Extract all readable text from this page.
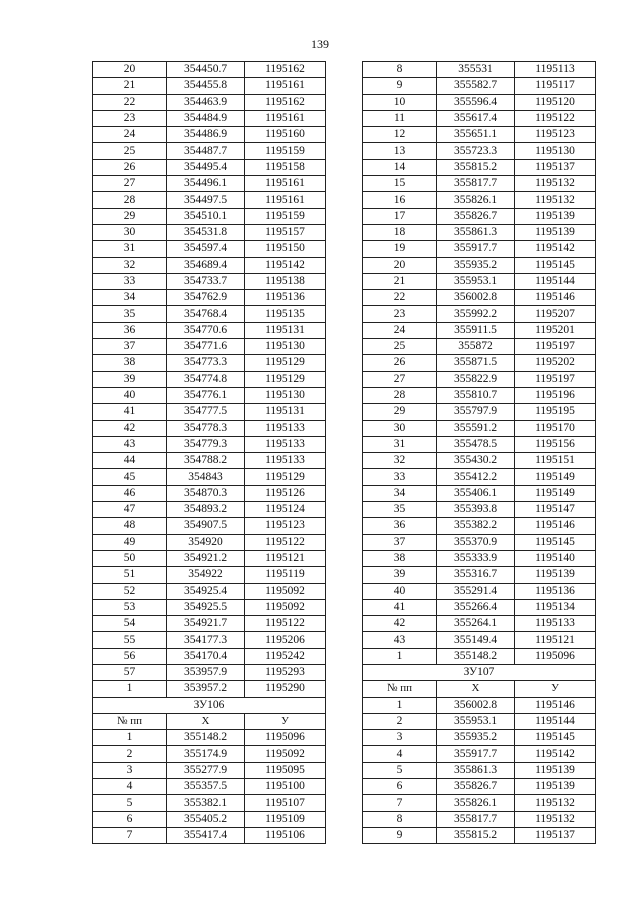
139
20	354450.7	1195162
21	354455.8	1195161
22	354463.9	1195162
23	354484.9	1195161
24	354486.9	1195160
25	354487.7	1195159
26	354495.4	1195158
27	354496.1	1195161
28	354497.5	1195161
29	354510.1	1195159
30	354531.8	1195157
31	354597.4	1195150
32	354689.4	1195142
33	354733.7	1195138
34	354762.9	1195136
35	354768.4	1195135
36	354770.6	1195131
37	354771.6	1195130
38	354773.3	1195129
39	354774.8	1195129
40	354776.1	1195130
41	354777.5	1195131
42	354778.3	1195133
43	354779.3	1195133
44	354788.2	1195133
45	354843	1195129
46	354870.3	1195126
47	354893.2	1195124
48	354907.5	1195123
49	354920	1195122
50	354921.2	1195121
51	354922	1195119
52	354925.4	1195092
53	354925.5	1195092
54	354921.7	1195122
55	354177.3	1195206
56	354170.4	1195242
57	353957.9	1195293
1	353957.2	1195290
ЗУ106		
№ пп	X	У
1	355148.2	1195096
2	355174.9	1195092
3	355277.9	1195095
4	355357.5	1195100
5	355382.1	1195107
6	355405.2	1195109
7	355417.4	1195106
8	355531	1195113
9	355582.7	1195117
10	355596.4	1195120
11	355617.4	1195122
12	355651.1	1195123
13	355723.3	1195130
14	355815.2	1195137
15	355817.7	1195132
16	355826.1	1195132
17	355826.7	1195139
18	355861.3	1195139
19	355917.7	1195142
20	355935.2	1195145
21	355953.1	1195144
22	356002.8	1195146
23	355992.2	1195207
24	355911.5	1195201
25	355872	1195197
26	355871.5	1195202
27	355822.9	1195197
28	355810.7	1195196
29	355797.9	1195195
30	355591.2	1195170
31	355478.5	1195156
32	355430.2	1195151
33	355412.2	1195149
34	355406.1	1195149
35	355393.8	1195147
36	355382.2	1195146
37	355370.9	1195145
38	355333.9	1195140
39	355316.7	1195139
40	355291.4	1195136
41	355266.4	1195134
42	355264.1	1195133
43	355149.4	1195121
1	355148.2	1195096
ЗУ107		
№ пп	X	У
1	356002.8	1195146
2	355953.1	1195144
3	355935.2	1195145
4	355917.7	1195142
5	355861.3	1195139
6	355826.7	1195139
7	355826.1	1195132
8	355817.7	1195132
9	355815.2	1195137
